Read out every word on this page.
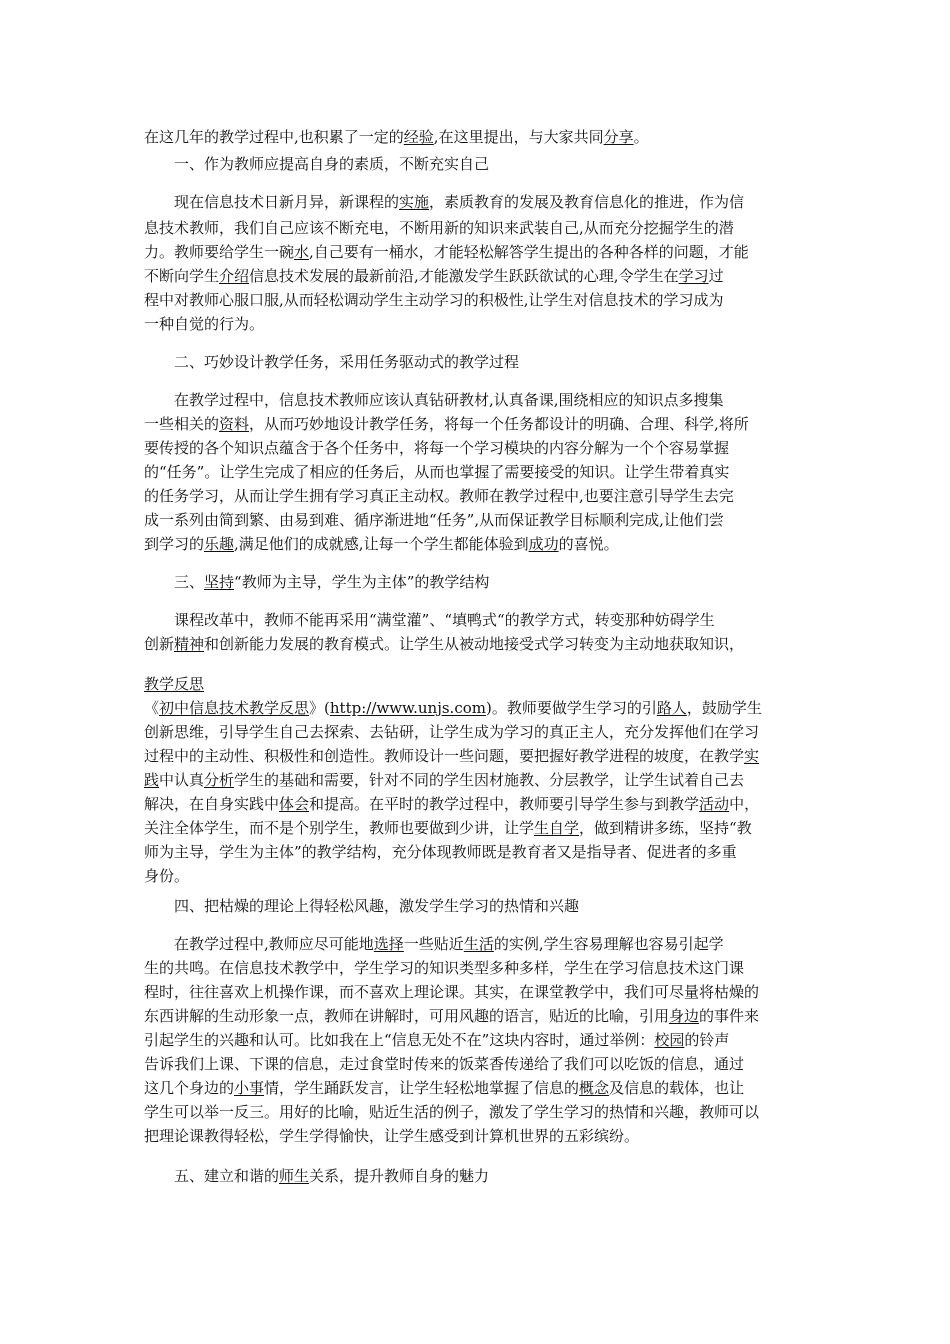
在这几年的教学过程中,也积累了一定的经验,在这里提出，与大家共同分享。
一、作为教师应提高自身的素质，不断充实自己
现在信息技术日新月异，新课程的实施，素质教育的发展及教育信息化的推进，作为信
息技术教师，我们自己应该不断充电，不断用新的知识来武装自己,从而充分挖掘学生的潜
力。教师要给学生一碗水,自己要有一桶水，才能轻松解答学生提出的各种各样的问题，才能
不断向学生介绍信息技术发展的最新前沿,才能激发学生跃跃欲试的心理,令学生在学习过
程中对教师心服口服,从而轻松调动学生主动学习的积极性,让学生对信息技术的学习成为
一种自觉的行为。
二、巧妙设计教学任务，采用任务驱动式的教学过程
在教学过程中，信息技术教师应该认真钻研教材,认真备课,围绕相应的知识点多搜集
一些相关的资料，从而巧妙地设计教学任务，将每一个任务都设计的明确、合理、科学,将所
要传授的各个知识点蕴含于各个任务中，将每一个学习模块的内容分解为一个个容易掌握
的“任务”。让学生完成了相应的任务后，从而也掌握了需要接受的知识。让学生带着真实
的任务学习，从而让学生拥有学习真正主动权。教师在教学过程中,也要注意引导学生去完
成一系列由简到繁、由易到难、循序渐进地“任务”,从而保证教学目标顺利完成,让他们尝
到学习的乐趣,满足他们的成就感,让每一个学生都能体验到成功的喜悦。
三、坚持“教师为主导，学生为主体”的教学结构
课程改革中，教师不能再采用“满堂灌”、“填鸭式“的教学方式，转变那种妨碍学生
创新精神和创新能力发展的教育模式。让学生从被动地接受式学习转变为主动地获取知识，
教学反思
《初中信息技术教学反思》(http://www.unjs.com)。教师要做学生学习的引路人，鼓励学生
创新思维，引导学生自己去探索、去钻研，让学生成为学习的真正主人，充分发挥他们在学习
过程中的主动性、积极性和创造性。教师设计一些问题，要把握好教学进程的坡度，在教学实
践中认真分析学生的基础和需要，针对不同的学生因材施教、分层教学，让学生试着自己去
解决，在自身实践中体会和提高。在平时的教学过程中，教师要引导学生参与到教学活动中，
关注全体学生，而不是个别学生，教师也要做到少讲，让学生自学，做到精讲多练，坚持“教
师为主导，学生为主体”的教学结构，充分体现教师既是教育者又是指导者、促进者的多重
身份。
四、把枯燥的理论上得轻松风趣，激发学生学习的热情和兴趣
在教学过程中,教师应尽可能地选择一些贴近生活的实例,学生容易理解也容易引起学
生的共鸣。在信息技术教学中，学生学习的知识类型多种多样，学生在学习信息技术这门课
程时，往往喜欢上机操作课，而不喜欢上理论课。其实，在课堂教学中，我们可尽量将枯燥的
东西讲解的生动形象一点，教师在讲解时，可用风趣的语言，贴近的比喻，引用身边的事件来
引起学生的兴趣和认可。比如我在上“信息无处不在”这块内容时，通过举例：校园的铃声
告诉我们上课、下课的信息，走过食堂时传来的饭菜香传递给了我们可以吃饭的信息，通过
这几个身边的小事情，学生踊跃发言，让学生轻松地掌握了信息的概念及信息的载体，也让
学生可以举一反三。用好的比喻，贴近生活的例子，激发了学生学习的热情和兴趣，教师可以
把理论课教得轻松，学生学得愉快，让学生感受到计算机世界的五彩缤纷。
五、建立和谐的师生关系，提升教师自身的魅力
